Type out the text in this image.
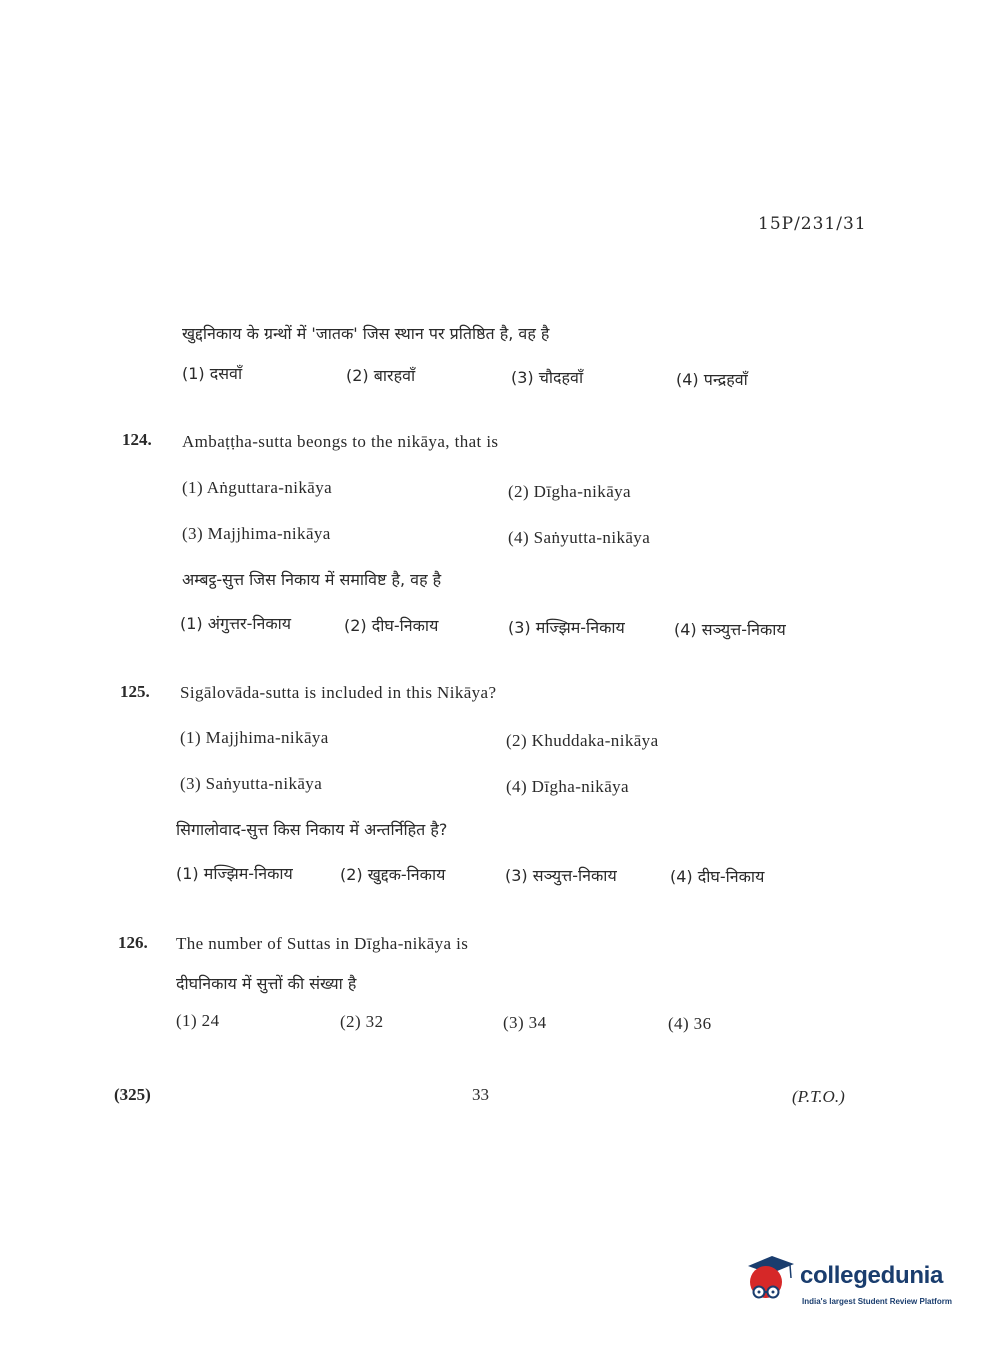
15P/231/31
खुद्दनिकाय के ग्रन्थों में 'जातक' जिस स्थान पर प्रतिष्ठित है, वह है
(1) दसवाँ	(2) बारहवाँ	(3) चौदहवाँ	(4) पन्द्रहवाँ
124. Ambaṭṭha-sutta beongs to the nikāya, that is
(1) Aṅguttara-nikāya	(2) Dīgha-nikāya
(3) Majjhima-nikāya	(4) Saṅyutta-nikāya
अम्बट्ठ-सुत्त जिस निकाय में समाविष्ट है, वह है
(1) अंगुत्तर-निकाय	(2) दीघ-निकाय	(3) मज्झिम-निकाय	(4) सञ्युत्त-निकाय
125. Sigālovāda-sutta is included in this Nikāya?
(1) Majjhima-nikāya	(2) Khuddaka-nikāya
(3) Saṅyutta-nikāya	(4) Dīgha-nikāya
सिगालोवाद-सुत्त किस निकाय में अन्तर्निहित है?
(1) मज्झिम-निकाय	(2) खुद्दक-निकाय	(3) सञ्युत्त-निकाय	(4) दीघ-निकाय
126. The number of Suttas in Dīgha-nikāya is
दीघनिकाय में सुत्तों की संख्या है
(1) 24	(2) 32	(3) 34	(4) 36
(325)	33	(P.T.O.)
collegedunia
India's largest Student Review Platform
